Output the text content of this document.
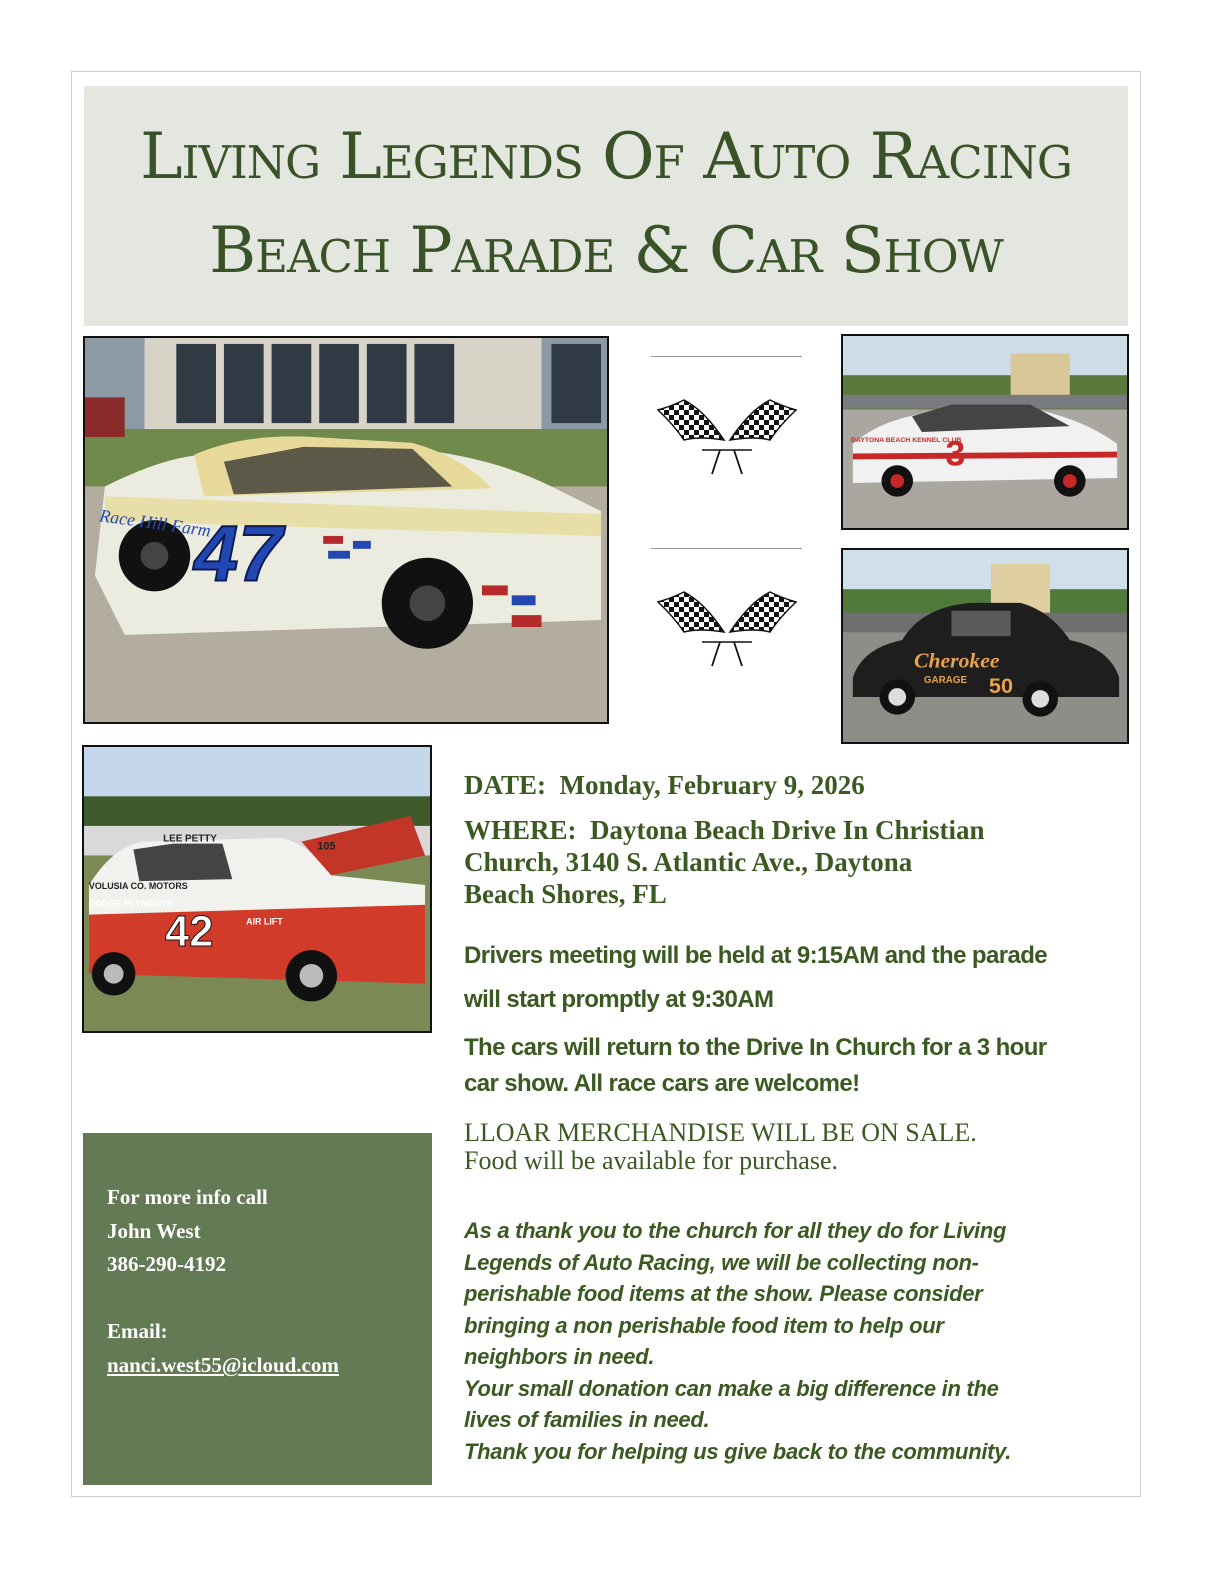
Living Legends Of Auto Racing
Beach Parade & Car Show
47
Race Hill Farm
3
DAYTONA BEACH KENNEL CLUB
Cherokee
GARAGE 50
42
LEE PETTY
VOLUSIA CO. MOTORS
DODGE-PLYMOUTH
AIR LIFT
105
DATE: Monday, February 9, 2026
WHERE: Daytona Beach Drive In Christian
Church, 3140 S. Atlantic Ave., Daytona
Beach Shores, FL
Drivers meeting will be held at 9:15AM and the parade
will start promptly at 9:30AM
The cars will return to the Drive In Church for a 3 hour
car show. All race cars are welcome!
LLOAR MERCHANDISE WILL BE ON SALE.
Food will be available for purchase.
As a thank you to the church for all they do for Living
Legends of Auto Racing, we will be collecting non-
perishable food items at the show. Please consider
bringing a non perishable food item to help our
neighbors in need.
Your small donation can make a big difference in the
lives of families in need.
Thank you for helping us give back to the community.
For more info call
John West
386-290-4192
Email:
nanci.west55@icloud.com
